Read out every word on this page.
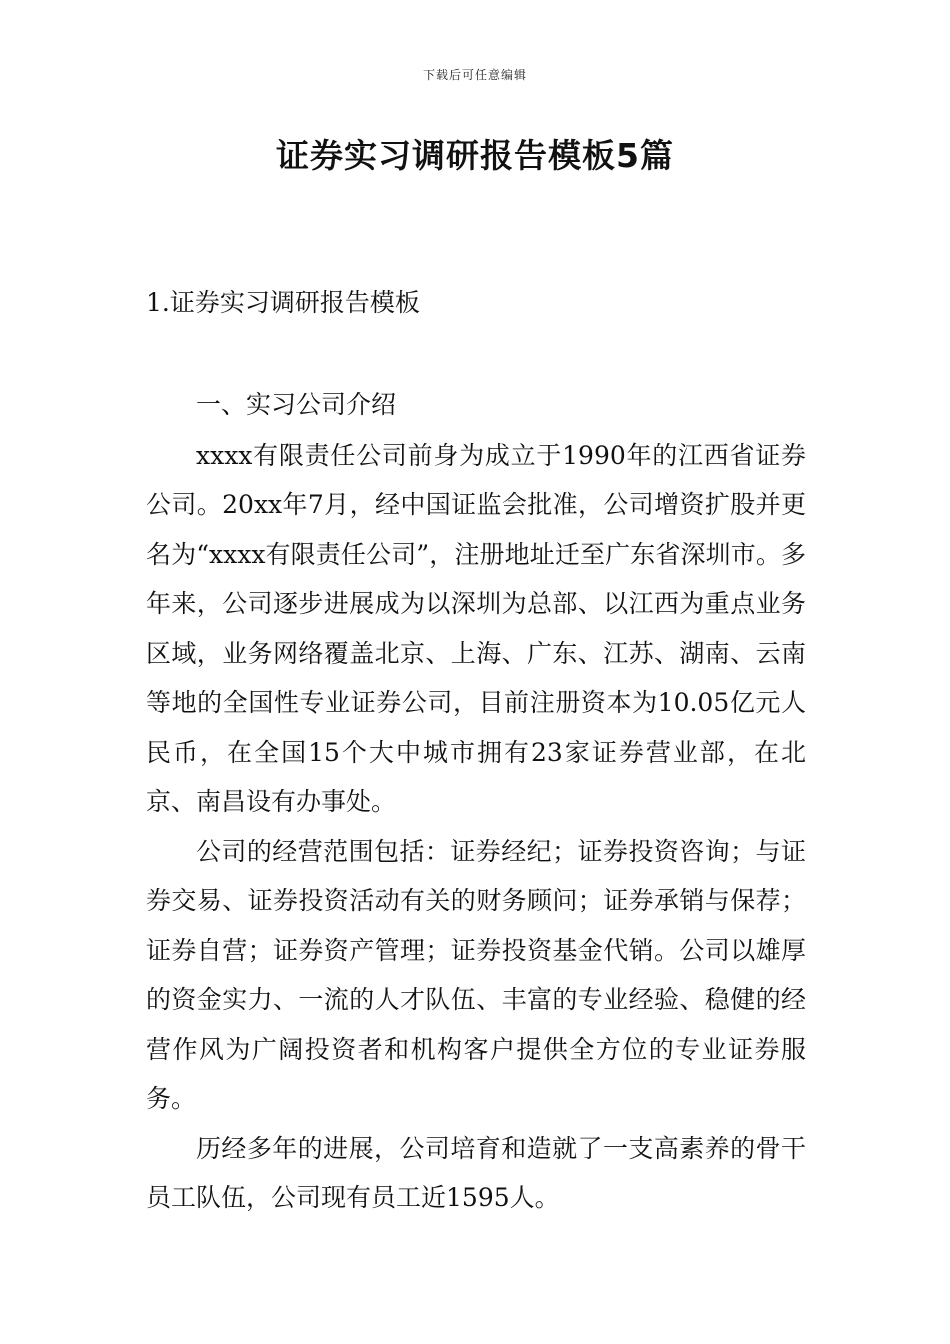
下载后可任意编辑
证券实习调研报告模板5篇
1.证券实习调研报告模板

一、实习公司介绍

xxxx有限责任公司前身为成立于1990年的江西省证券公司。20xx年7月，经中国证监会批准，公司增资扩股并更名为“xxxx有限责任公司”，注册地址迁至广东省深圳市。多年来，公司逐步进展成为以深圳为总部、以江西为重点业务区域，业务网络覆盖北京、上海、广东、江苏、湖南、云南等地的全国性专业证券公司，目前注册资本为10.05亿元人民币，在全国15个大中城市拥有23家证券营业部，在北京、南昌设有办事处。

公司的经营范围包括：证券经纪；证券投资咨询；与证券交易、证券投资活动有关的财务顾问；证券承销与保荐；证券自营；证券资产管理；证券投资基金代销。公司以雄厚的资金实力、一流的人才队伍、丰富的专业经验、稳健的经营作风为广阔投资者和机构客户提供全方位的专业证券服务。

历经多年的进展，公司培育和造就了一支高素养的骨干员工队伍，公司现有员工近1595人。
